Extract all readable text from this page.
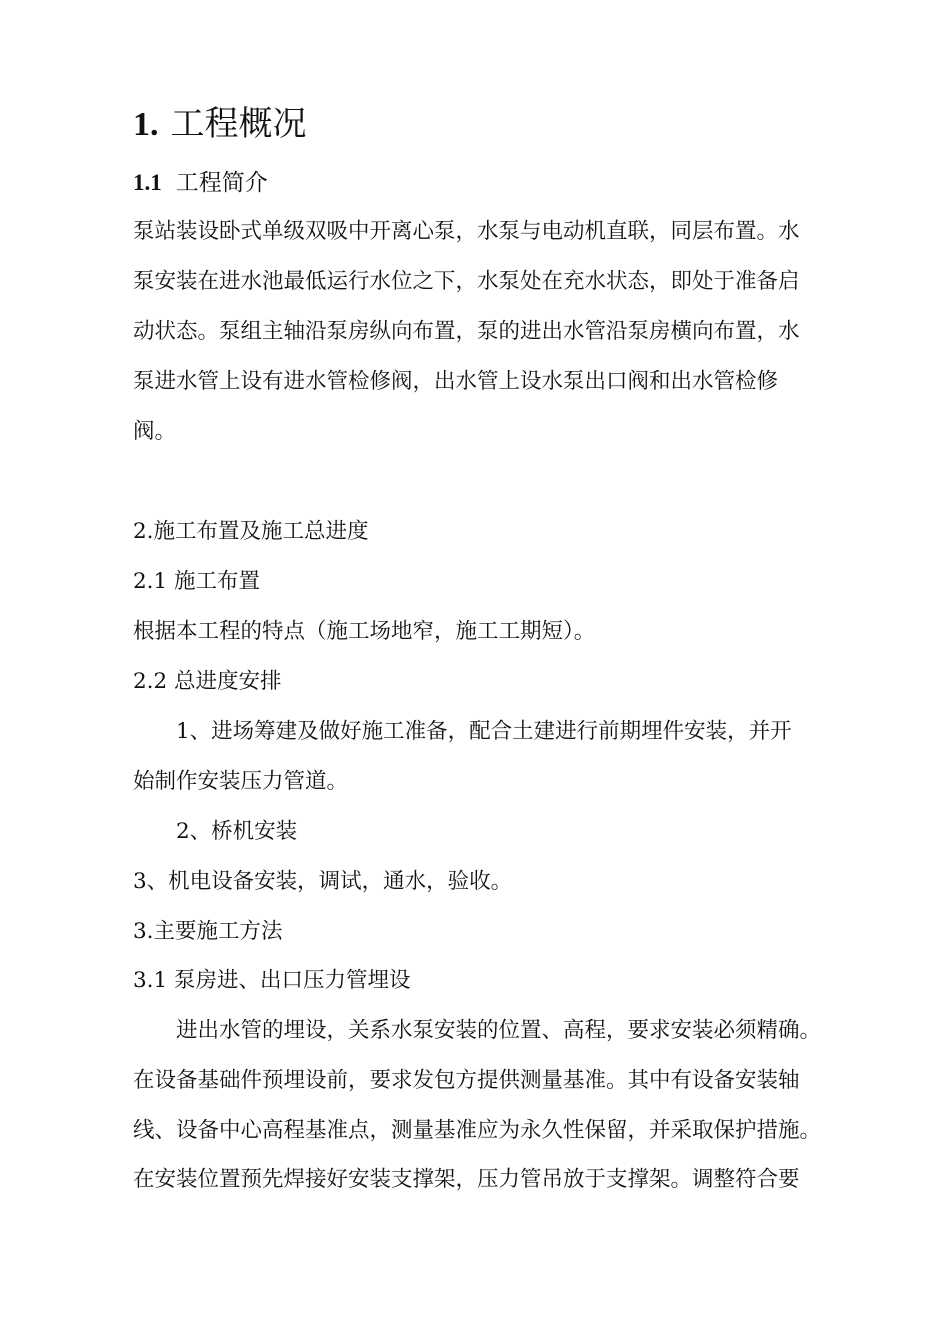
1. 工程概况
1.1 工程简介
泵站装设卧式单级双吸中开离心泵，水泵与电动机直联，同层布置。水
泵安装在进水池最低运行水位之下，水泵处在充水状态，即处于准备启
动状态。泵组主轴沿泵房纵向布置，泵的进出水管沿泵房横向布置，水
泵进水管上设有进水管检修阀，出水管上设水泵出口阀和出水管检修
阀。
2.施工布置及施工总进度
2.1 施工布置
根据本工程的特点（施工场地窄，施工工期短）。
2.2 总进度安排
1、进场筹建及做好施工准备，配合土建进行前期埋件安装，并开
始制作安装压力管道。
2、桥机安装
3、机电设备安装，调试，通水，验收。
3.主要施工方法
3.1 泵房进、出口压力管埋设
进出水管的埋设，关系水泵安装的位置、高程，要求安装必须精确。
在设备基础件预埋设前，要求发包方提供测量基准。其中有设备安装轴
线、设备中心高程基准点，测量基准应为永久性保留，并采取保护措施。
在安装位置预先焊接好安装支撑架，压力管吊放于支撑架。调整符合要
